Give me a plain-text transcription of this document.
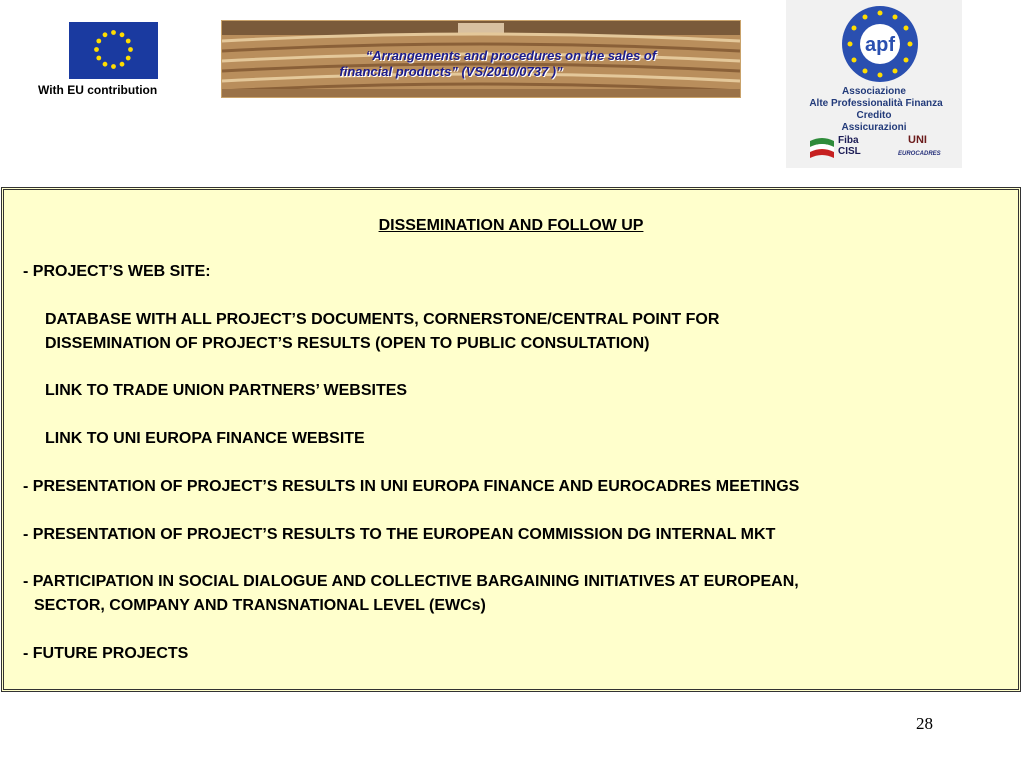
With EU contribution
“Arrangements and procedures on the sales of
financial products” (VS/2010/0737 )”
apf
Associazione
Alte Professionalità Finanza
Credito
Assicurazioni
Fiba
CISL
UNI
EUROCADRES
DISSEMINATION AND FOLLOW UP
- PROJECT’S WEB SITE:
DATABASE WITH ALL PROJECT’S DOCUMENTS, CORNERSTONE/CENTRAL POINT FOR
DISSEMINATION OF PROJECT’S RESULTS (OPEN TO PUBLIC CONSULTATION)
LINK TO TRADE UNION PARTNERS’ WEBSITES
LINK TO UNI EUROPA FINANCE WEBSITE
- PRESENTATION OF PROJECT’S RESULTS IN UNI EUROPA FINANCE AND EUROCADRES MEETINGS
- PRESENTATION OF PROJECT’S RESULTS TO THE EUROPEAN COMMISSION DG INTERNAL MKT
- PARTICIPATION IN SOCIAL DIALOGUE AND COLLECTIVE BARGAINING INITIATIVES AT EUROPEAN,
SECTOR, COMPANY AND TRANSNATIONAL LEVEL (EWCs)
- FUTURE PROJECTS
28
